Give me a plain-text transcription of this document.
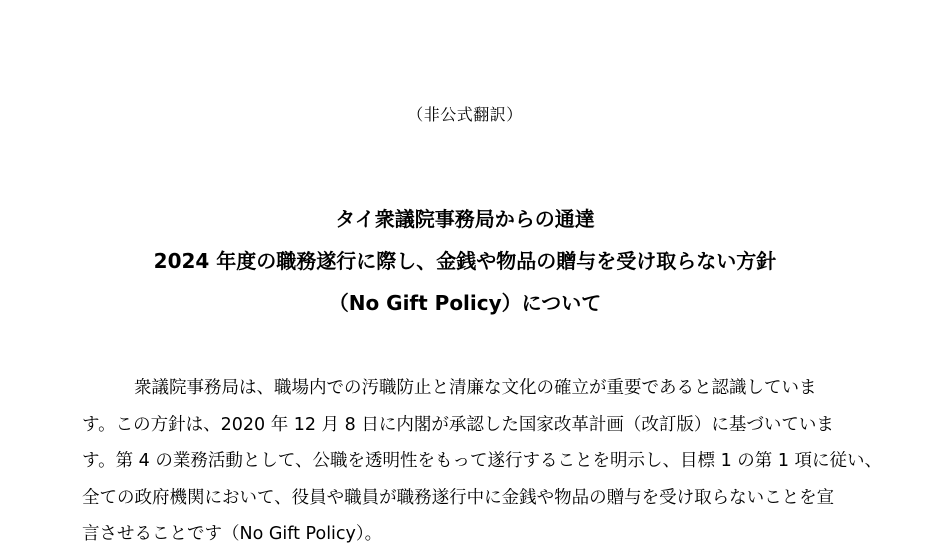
（非公式翻訳）
タイ衆議院事務局からの通達
2024 年度の職務遂行に際し、金銭や物品の贈与を受け取らない方針
（No Gift Policy）について
衆議院事務局は、職場内での汚職防止と清廉な文化の確立が重要であると認識していま
す。この方針は、2020 年 12 月 8 日に内閣が承認した国家改革計画（改訂版）に基づいていま
す。第 4 の業務活動として、公職を透明性をもって遂行することを明示し、目標 1 の第 1 項に従い、
全ての政府機関において、役員や職員が職務遂行中に金銭や物品の贈与を受け取らないことを宣
言させることです（No Gift Policy）。
